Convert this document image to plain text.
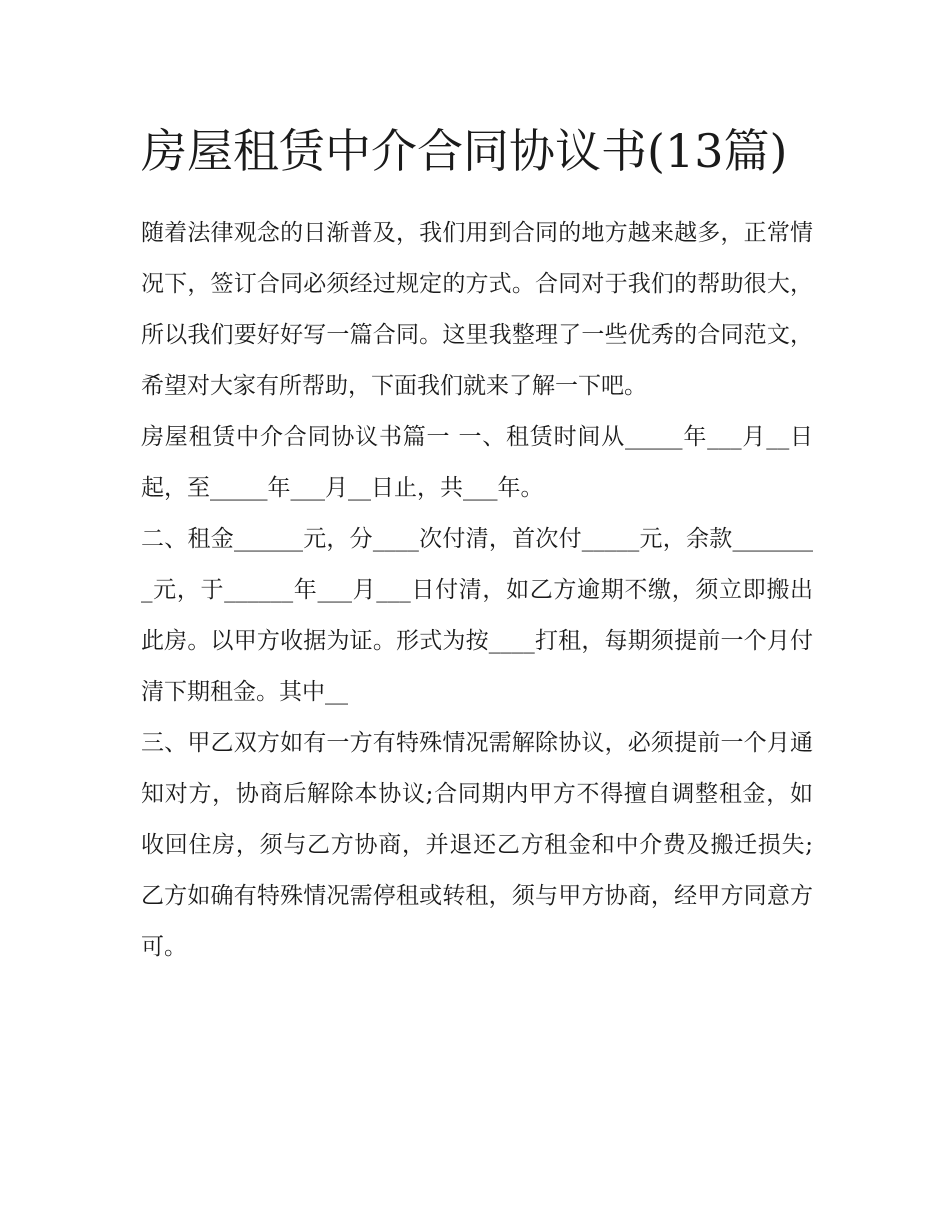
房屋租赁中介合同协议书(13篇)

随着法律观念的日渐普及，我们用到合同的地方越来越多，正常情况下，签订合同必须经过规定的方式。合同对于我们的帮助很大，所以我们要好好写一篇合同。这里我整理了一些优秀的合同范文，希望对大家有所帮助，下面我们就来了解一下吧。

房屋租赁中介合同协议书篇一 一、租赁时间从_____年___月__日起，至_____年___月__日止，共___年。

二、租金______元，分____次付清，首次付_____元，余款________元，于______年___月___日付清，如乙方逾期不缴，须立即搬出此房。以甲方收据为证。形式为按____打租，每期须提前一个月付清下期租金。其中__

三、甲乙双方如有一方有特殊情况需解除协议，必须提前一个月通知对方，协商后解除本协议;合同期内甲方不得擅自调整租金，如收回住房，须与乙方协商，并退还乙方租金和中介费及搬迁损失;乙方如确有特殊情况需停租或转租，须与甲方协商，经甲方同意方可。
